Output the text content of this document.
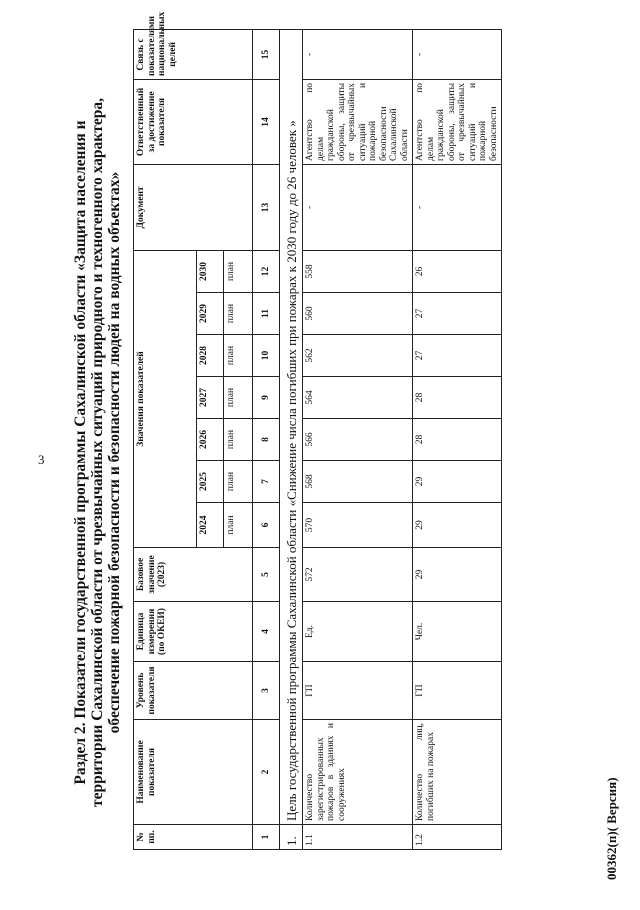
3 Раздел 2. Показатели государственной программы Сахалинской области «Защита населения и территории Сахалинской области от чрезвычайных ситуаций природного и техногенного характера, обеспечение пожарной безопасности и безопасности людей на водных объектах»
№ пп.	Наименование показателя	Уровень показателя	Единица измерения (по ОКЕИ)	Базовое значение (2023)	Значения показателей							Документ	Ответственный за достижение показателя	Связь с показателями национальных целей
					2024	2025	2026	2027	2028	2029	2030			
					план	план	план	план	план	план	план			
1	2	3	4	5	6	7	8	9	10	11	12	13	14	15
1.	Цель государственной программы Сахалинской области «Снижение числа погибших при пожарах к 2030 году до 26 человек »													
1.1	Количество зарегистрированных пожаров в зданиях и сооружениях	ГП	Ед.	572	570	568	566	564	562	560	558	-	Агентство по делам гражданской обороны, защиты от чрезвычайных ситуаций и пожарной безопасности Сахалинской области	-
1.2	Количество лиц, погибших на пожарах	ГП	Чел.	29	29	29	28	28	27	27	26	-	Агентство по делам гражданской обороны, защиты от чрезвычайных ситуаций и пожарной безопасности	-
00362(п)( Версия)
